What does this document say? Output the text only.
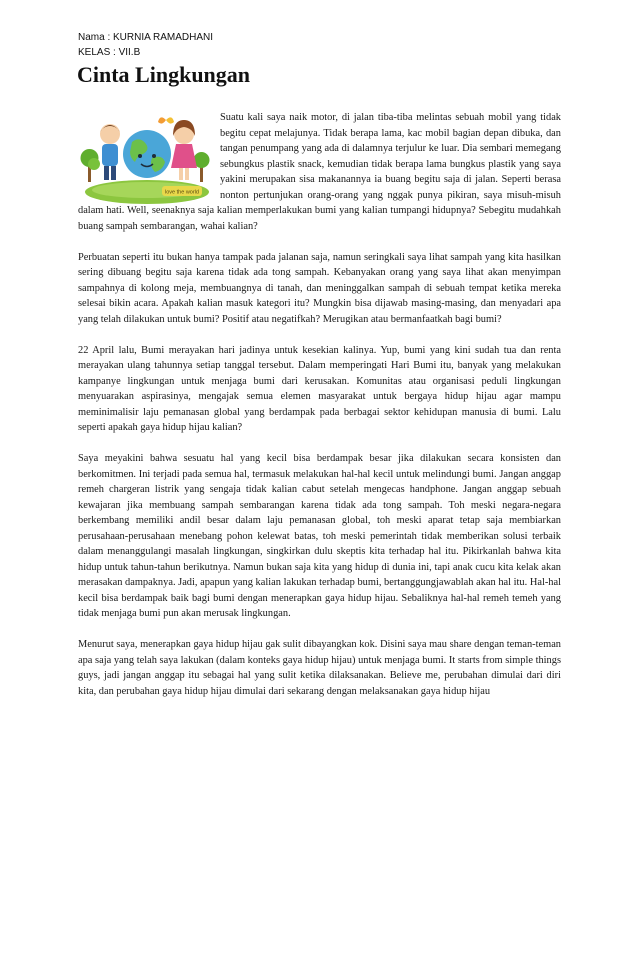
Nama : KURNIA RAMADHANI
KELAS : VII.B
Cinta Lingkungan
love the world

Suatu kali saya naik motor, di jalan tiba-tiba melintas sebuah mobil yang tidak begitu cepat melajunya. Tidak berapa lama, kac mobil bagian depan dibuka, dan tangan penumpang yang ada di dalamnya terjulur ke luar. Dia sembari memegang sebungkus plastik snack, kemudian tidak berapa lama bungkus plastik yang saya yakini merupakan sisa makanannya ia buang begitu saja di jalan. Seperti berasa nonton pertunjukan orang-orang yang nggak punya pikiran, saya misuh-misuh dalam hati. Well, seenaknya saja kalian memperlakukan bumi yang kalian tumpangi hidupnya? Sebegitu mudahkah buang sampah sembarangan, wahai kalian?

Perbuatan seperti itu bukan hanya tampak pada jalanan saja, namun seringkali saya lihat sampah yang kita hasilkan sering dibuang begitu saja karena tidak ada tong sampah. Kebanyakan orang yang saya lihat akan menyimpan sampahnya di kolong meja, membuangnya di tanah, dan meninggalkan sampah di sebuah tempat ketika mereka selesai bikin acara. Apakah kalian masuk kategori itu? Mungkin bisa dijawab masing-masing, dan menyadari apa yang telah dilakukan untuk bumi? Positif atau negatifkah? Merugikan atau bermanfaatkah bagi bumi?

22 April lalu, Bumi merayakan hari jadinya untuk kesekian kalinya. Yup, bumi yang kini sudah tua dan renta merayakan ulang tahunnya setiap tanggal tersebut. Dalam memperingati Hari Bumi itu, banyak yang melakukan kampanye lingkungan untuk menjaga bumi dari kerusakan. Komunitas atau organisasi peduli lingkungan menyuarakan aspirasinya, mengajak semua elemen masyarakat untuk bergaya hidup hijau agar mampu meminimalisir laju pemanasan global yang berdampak pada berbagai sektor kehidupan manusia di bumi. Lalu seperti apakah gaya hidup hijau kalian?

Saya meyakini bahwa sesuatu hal yang kecil bisa berdampak besar jika dilakukan secara konsisten dan berkomitmen. Ini terjadi pada semua hal, termasuk melakukan hal-hal kecil untuk melindungi bumi. Jangan anggap remeh chargeran listrik yang sengaja tidak kalian cabut setelah mengecas handphone. Jangan anggap sebuah kewajaran jika membuang sampah sembarangan karena tidak ada tong sampah. Toh meski negara-negara berkembang memiliki andil besar dalam laju pemanasan global, toh meski aparat tetap saja membiarkan perusahaan-perusahaan menebang pohon kelewat batas, toh meski pemerintah tidak memberikan solusi terbaik dalam menanggulangi masalah lingkungan, singkirkan dulu skeptis kita terhadap hal itu. Pikirkanlah bahwa kita hidup untuk tahun-tahun berikutnya. Namun bukan saja kita yang hidup di dunia ini, tapi anak cucu kita kelak akan merasakan dampaknya. Jadi, apapun yang kalian lakukan terhadap bumi, bertanggungjawablah akan hal itu. Hal-hal kecil bisa berdampak baik bagi bumi dengan menerapkan gaya hidup hijau. Sebaliknya hal-hal remeh temeh yang tidak menjaga bumi pun akan merusak lingkungan.

Menurut saya, menerapkan gaya hidup hijau gak sulit dibayangkan kok. Disini saya mau share dengan teman-teman apa saja yang telah saya lakukan (dalam konteks gaya hidup hijau) untuk menjaga bumi. It starts from simple things guys, jadi jangan anggap itu sebagai hal yang sulit ketika dilaksanakan. Believe me, perubahan dimulai dari diri kita, dan perubahan gaya hidup hijau dimulai dari sekarang dengan melaksanakan gaya hidup hijau
